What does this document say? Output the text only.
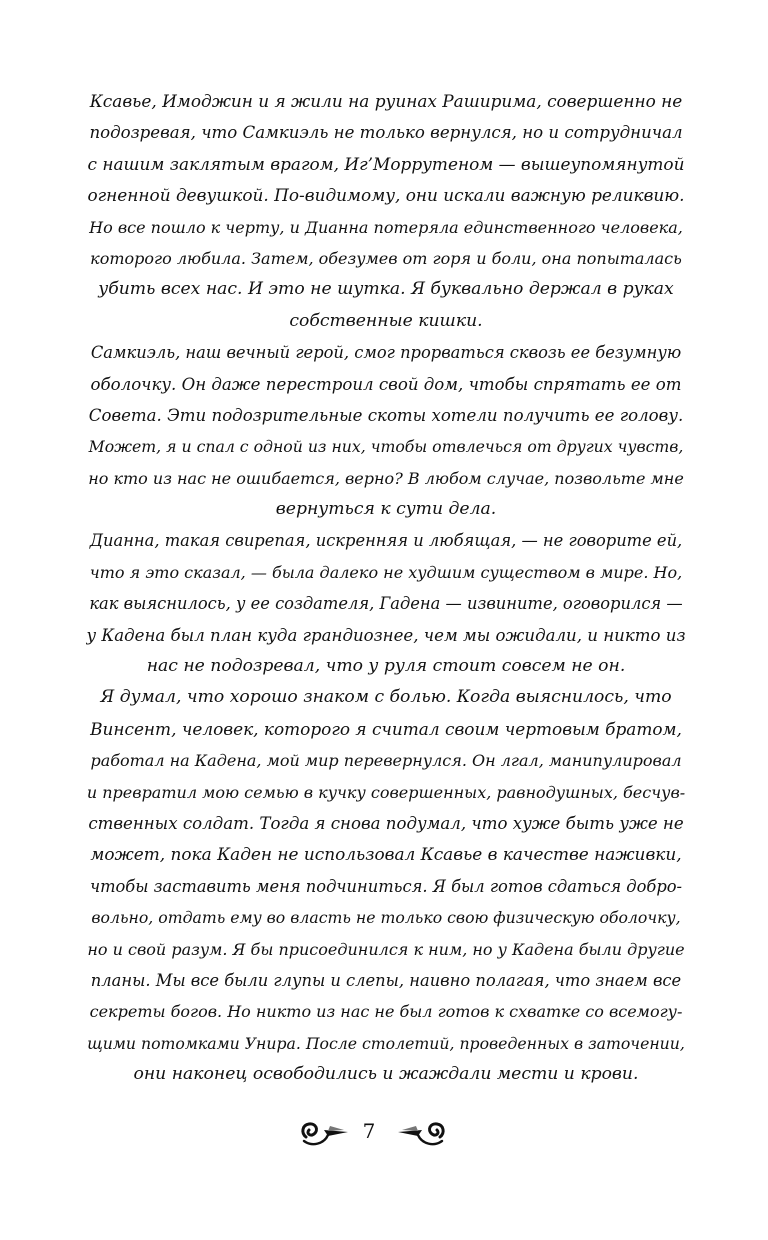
Ксавье, Имоджин и я жили на руинах Раширима, совершенно не
подозревая, что Самкиэль не только вернулся, но и сотрудничал
с нашим заклятым врагом, Иг’Моррутеном — вышеупомянутой
огненной девушкой. По-видимому, они искали важную реликвию.
Но все пошло к черту, и Дианна потеряла единственного человека,
которого любила. Затем, обезумев от горя и боли, она попыталась
убить всех нас. И это не шутка. Я буквально держал в руках
собственные кишки.
Самкиэль, наш вечный герой, смог прорваться сквозь ее безумную
оболочку. Он даже перестроил свой дом, чтобы спрятать ее от
Совета. Эти подозрительные скоты хотели получить ее голову.
Может, я и спал с одной из них, чтобы отвлечься от других чувств,
но кто из нас не ошибается, верно? В любом случае, позвольте мне
вернуться к сути дела.
Дианна, такая свирепая, искренняя и любящая, — не говорите ей,
что я это сказал, — была далеко не худшим существом в мире. Но,
как выяснилось, у ее создателя, Гадена — извините, оговорился —
у Кадена был план куда грандиознее, чем мы ожидали, и никто из
нас не подозревал, что у руля стоит совсем не он.
Я думал, что хорошо знаком с болью. Когда выяснилось, что
Винсент, человек, которого я считал своим чертовым братом,
работал на Кадена, мой мир перевернулся. Он лгал, манипулировал
и превратил мою семью в кучку совершенных, равнодушных, бесчув-
ственных солдат. Тогда я снова подумал, что хуже быть уже не
может, пока Каден не использовал Ксавье в качестве наживки,
чтобы заставить меня подчиниться. Я был готов сдаться добро-
вольно, отдать ему во власть не только свою физическую оболочку,
но и свой разум. Я бы присоединился к ним, но у Кадена были другие
планы. Мы все были глупы и слепы, наивно полагая, что знаем все
секреты богов. Но никто из нас не был готов к схватке со всемогу-
щими потомками Унира. После столетий, проведенных в заточении,
они наконец освободились и жаждали мести и крови.
7
